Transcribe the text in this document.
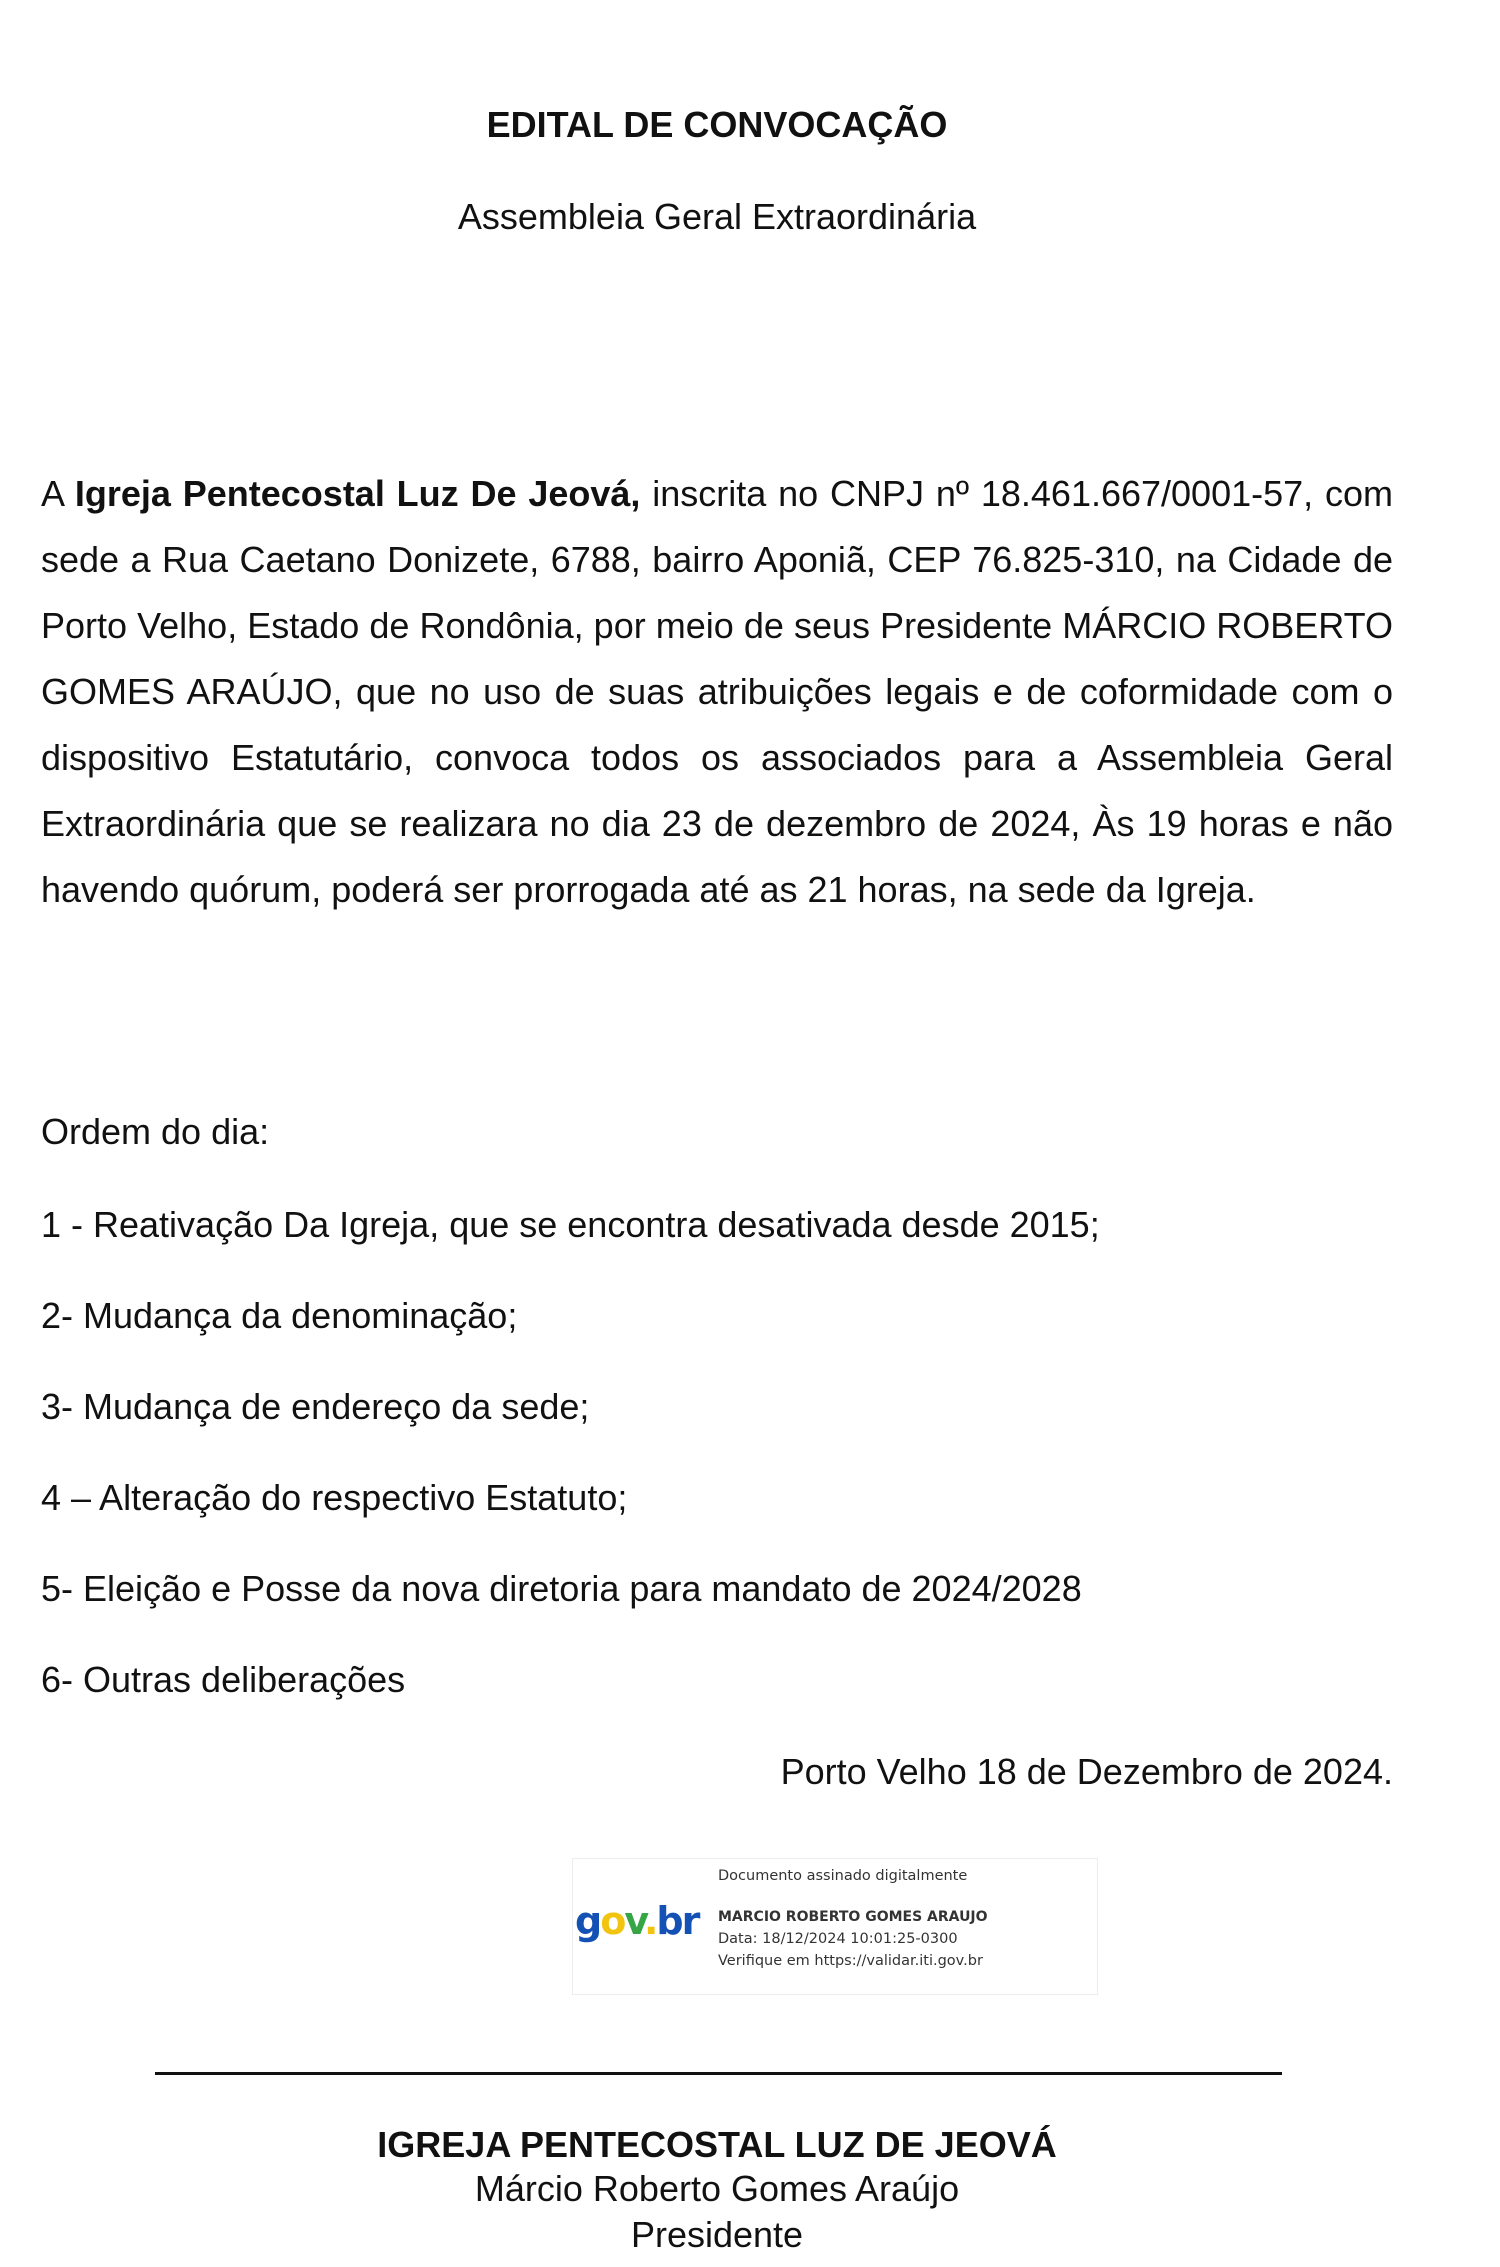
EDITAL DE CONVOCAÇÃO

Assembleia Geral Extraordinária

A Igreja Pentecostal Luz De Jeová, inscrita no CNPJ nº 18.461.667/0001-57, com sede a Rua Caetano Donizete, 6788, bairro Aponiã, CEP 76.825-310, na Cidade de Porto Velho, Estado de Rondônia, por meio de seus Presidente MÁRCIO ROBERTO GOMES ARAÚJO, que no uso de suas atribuições legais e de coformidade com o dispositivo Estatutário, convoca todos os associados para a Assembleia Geral Extraordinária que se realizara no dia 23 de dezembro de 2024, Às 19 horas e não havendo quórum, poderá ser prorrogada até as 21 horas, na sede da Igreja.

Ordem do dia:

1 - Reativação Da Igreja, que se encontra desativada desde 2015;
2- Mudança da denominação;
3- Mudança de endereço da sede;
4 – Alteração do respectivo Estatuto;
5- Eleição e Posse da nova diretoria para mandato de 2024/2028
6- Outras deliberações

Porto Velho 18 de Dezembro de 2024.

gov.br
Documento assinado digitalmente
MARCIO ROBERTO GOMES ARAUJO
Data: 18/12/2024 10:01:25-0300
Verifique em https://validar.iti.gov.br

IGREJA PENTECOSTAL LUZ DE JEOVÁ

Márcio Roberto Gomes Araújo

Presidente
